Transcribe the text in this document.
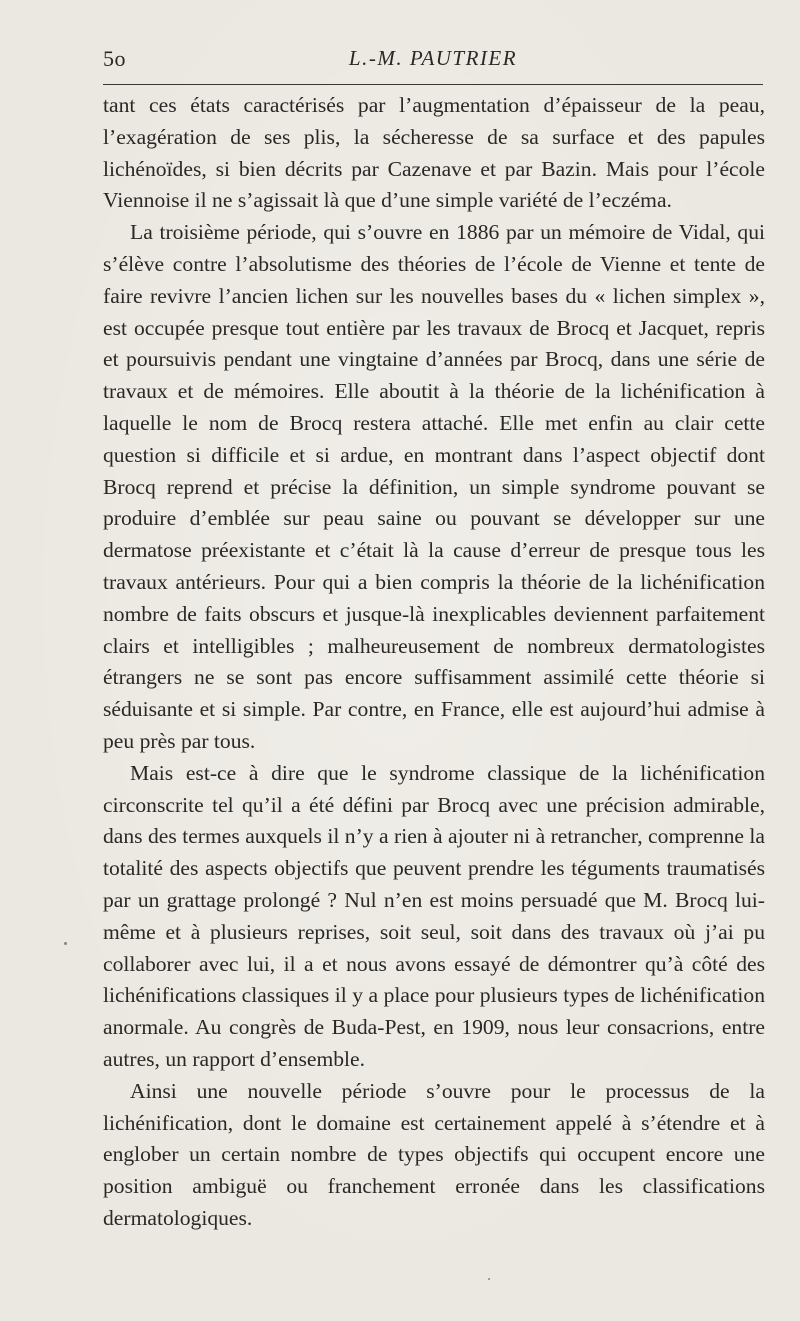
5o	L.-M. PAUTRIER

tant ces états caractérisés par l’augmentation d’épaisseur de la peau, l’exagération de ses plis, la sécheresse de sa surface et des papules lichénoïdes, si bien décrits par Cazenave et par Bazin. Mais pour l’école Viennoise il ne s’agissait là que d’une simple variété de l’eczéma.

La troisième période, qui s’ouvre en 1886 par un mémoire de Vidal, qui s’élève contre l’absolutisme des théories de l’école de Vienne et tente de faire revivre l’ancien lichen sur les nouvelles bases du « lichen simplex », est occupée presque tout entière par les travaux de Brocq et Jacquet, repris et poursuivis pendant une vingtaine d’années par Brocq, dans une série de travaux et de mémoires. Elle aboutit à la théorie de la lichénification à laquelle le nom de Brocq restera attaché. Elle met enfin au clair cette question si difficile et si ardue, en montrant dans l’aspect objectif dont Brocq reprend et précise la définition, un simple syndrome pouvant se produire d’emblée sur peau saine ou pouvant se développer sur une dermatose préexistante et c’était là la cause d’erreur de presque tous les travaux antérieurs. Pour qui a bien compris la théorie de la lichénification nombre de faits obscurs et jusque-là inexplicables deviennent parfaitement clairs et intelligibles ; malheureusement de nombreux dermatologistes étrangers ne se sont pas encore suffisamment assimilé cette théorie si séduisante et si simple. Par contre, en France, elle est aujourd’hui admise à peu près par tous.

Mais est-ce à dire que le syndrome classique de la lichénification circonscrite tel qu’il a été défini par Brocq avec une précision admirable, dans des termes auxquels il n’y a rien à ajouter ni à retrancher, comprenne la totalité des aspects objectifs que peuvent prendre les téguments traumatisés par un grattage prolongé ? Nul n’en est moins persuadé que M. Brocq lui-même et à plusieurs reprises, soit seul, soit dans des travaux où j’ai pu collaborer avec lui, il a et nous avons essayé de démontrer qu’à côté des lichénifications classiques il y a place pour plusieurs types de lichénification anormale. Au congrès de Buda-Pest, en 1909, nous leur consacrions, entre autres, un rapport d’ensemble.

Ainsi une nouvelle période s’ouvre pour le processus de la lichénification, dont le domaine est certainement appelé à s’étendre et à englober un certain nombre de types objectifs qui occupent encore une position ambiguë ou franchement erronée dans les classifications dermatologiques.
